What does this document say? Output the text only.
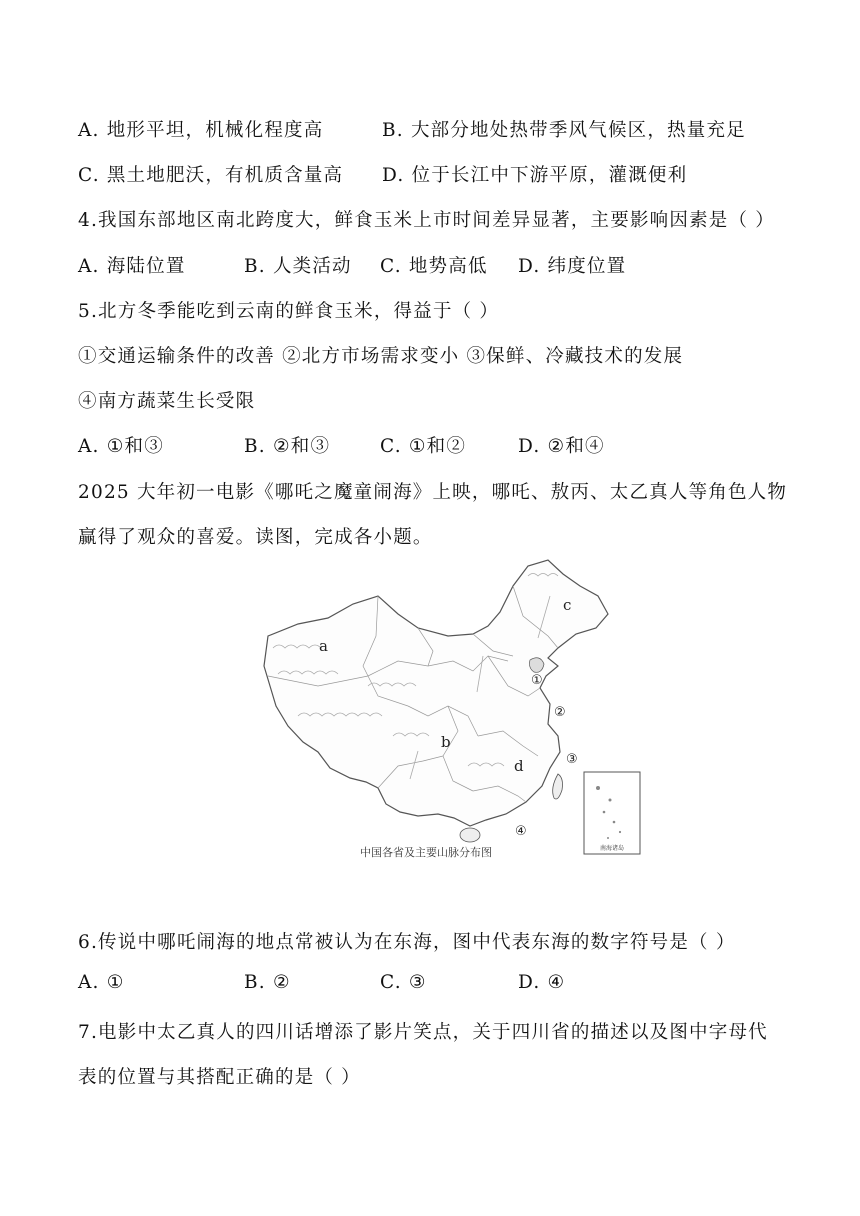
A. 地形平坦，机械化程度高	B. 大部分地处热带季风气候区，热量充足
C. 黑土地肥沃，有机质含量高 D. 位于长江中下游平原，灌溉便利
4.我国东部地区南北跨度大，鲜食玉米上市时间差异显著，主要影响因素是（ ）
A. 海陆位置	B. 人类活动 C. 地势高低 D. 纬度位置
5.北方冬季能吃到云南的鲜食玉米，得益于（ ）
①交通运输条件的改善 ②北方市场需求变小 ③保鲜、冷藏技术的发展
④南方蔬菜生长受限
A. ①和③	B. ②和③	C. ①和②	D. ②和④
2025 大年初一电影《哪吒之魔童闹海》上映，哪吒、敖丙、太乙真人等角色人物
赢得了观众的喜爱。读图，完成各小题。
南海诸岛
a
b
c
d
①
②
③
④
中国各省及主要山脉分布图
6.传说中哪吒闹海的地点常被认为在东海，图中代表东海的数字符号是（ ）
A. ①	B. ②	C. ③	D. ④
7.电影中太乙真人的四川话增添了影片笑点，关于四川省的描述以及图中字母代
表的位置与其搭配正确的是（ ）
